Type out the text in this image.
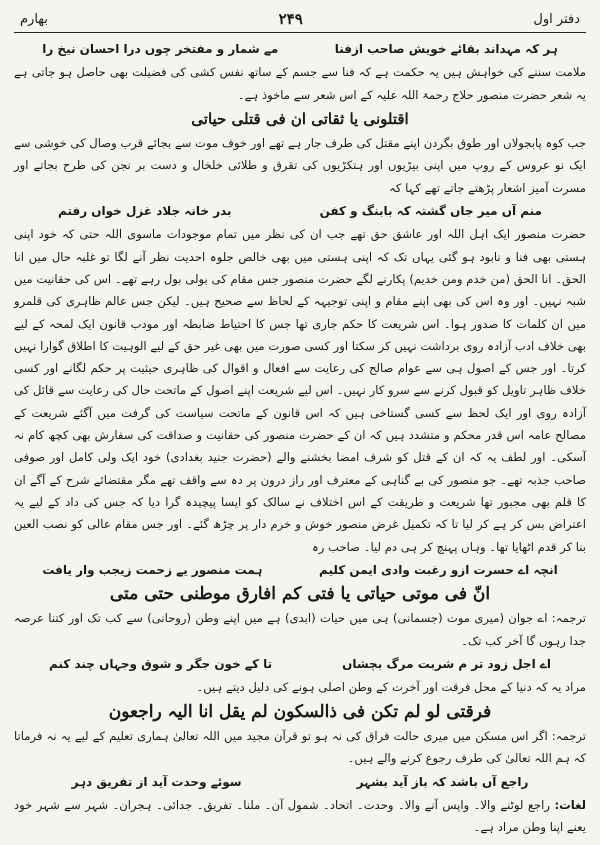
دفتر اول
۲۴۹
بھارم
ہر کہ مہداند بقائے خویش صاحب ازفنا
مے شمار و مفتخر چوں درا احسان نیخ را

ملامت سننے کی خواہش ہیں یہ حکمت ہے کہ فنا سے جسم کے ساتھ نفس کشی کی فضیلت بھی حاصل ہو جاتی ہے یہ شعر حضرت منصور حلاج رحمۃ اللہ علیہ کے اس شعر سے ماخوذ ہے۔

اقتلونی یا ثقاتی ان فی قتلی حیاتی

جب کوہ پابجولاں اور طوق بگردن اپنے مقتل کی طرف جار ہے تھے اور خوف موت سے بجائے قرب وصال کی خوشی سے ایک نو عروس کے روپ میں اپنی بیڑیوں اور ہتکڑیوں کی تقرق و طلائی خلخال و دست بر نجن کی طرح بجاتے اور مسرت آمیز اشعار پڑھتے جاتے تھے کہا کہ

منم آں میر جاں گشتہ کہ بابنگ و کفن
بدر خانہ جلاد غزل خواں رفتم

حضرت منصور ایک اہل اللہ اور عاشق حق تھے جب ان کی نظر میں تمام موجودات ماسوی اللہ حتی کہ خود اپنی ہستی بھی فنا و نابود ہو گئی یہاں تک کہ اپنی ہستی میں بھی خالص جلوہ احدیت نظر آنے لگا تو غلبہ حال میں انا الحق۔ انا الحق (من خدم ومن خدیم) پکارنے لگے حضرت منصور جس مقام کی بولی بول رہے تھے۔ اس کی حقانیت میں شبہ نہیں۔ اور وہ اس کی بھی اپنے مقام و اپنی توجیہہ کے لحاظ سے صحیح ہیں۔ لیکن جس عالم ظاہری کی قلمرو میں ان کلمات کا صدور ہوا۔ اس شریعت کا حکم جاری تھا جس کا احتیاط ضابطہ اور مودب قانون ایک لمحہ کے لیے بھی خلاف ادب آزادہ روی برداشت نہیں کر سکتا اور کسی صورت میں بھی غیر حق کے لیے الوہیت کا اطلاق گوارا نہیں کرتا۔ اور جس کے اصول ہی سے عوام صالح کی رعایت سے افعال و اقوال کی ظاہری حیثیت پر حکم لگانے اور کسی خلاف ظاہر تاویل کو قبول کرنے سے سرو کار نہیں۔ اس لیے شریعت اپنے اصول کے ماتحت حال کی رعایت سے قائل کی آزادہ روی اور ایک لحظ سے کسی گستاخی ہیں کہ اس قانون کے ماتحت سیاست کی گرفت میں آگئے شریعت کے مصالح عامہ اس قدر محکم و متشدد ہیں کہ ان کے حضرت منصور کی حقانیت و صداقت کی سفارش بھی کچھ کام نہ آسکی۔ اور لطف یہ کہ ان کے قتل کو شرف امضا بخشنے والے (حضرت جنید بغدادی) خود ایک ولی کامل اور صوفی صاحب جذبہ تھے۔ جو منصور کی بے گناہی کے معترف اور راز درون پر دہ سے واقف تھے مگر مقتضائے شرح کے آگے ان کا قلم بھی مجبور تھا شریعت و طریقت کے اس اختلاف نے سالک کو ایسا پیچیدہ گرا دیا کہ جس کی داد کے لیے یہ اعتراض بس کر ہے کر لیا تا کہ تکمیل غرض منصور خوش و خرم دار پر چڑھ گئے۔ اور جس مقام عالی کو نصب العین بنا کر قدم اٹھایا تھا۔ وہاں پہنچ کر ہی دم لیا۔ صاحب رہ

انچہ اے حسرت ازو رغبت وادی ایمن کلیم
ہمت منصور یے زحمت زیجب وار یافت
انّ فی موتی حیاتی یا فتی کم افارق موطنی حتی متی

ترجمہ: اے جوان (میری موت (جسمانی) ہی میں حیات (ابدی) ہے میں اپنے وطن (روحانی) سے کب تک اور کتنا عرصہ جدا رہوں گا آخر کب تک۔

اے اجل زود تر م شربت مرگ بچشاں
تا کے خون جگر و شوق وجہاں چند کنم

مراد یہ کہ دنیا کے محل فرقت اور آخرت کے وطن اصلی ہونے کی دلیل دیتے ہیں۔

فرقتی لو لم تکن فی ذالسکون لم یقل انا الیہ راجعون

ترجمہ: اگر اس مسکن میں میری حالت فراق کی نہ ہو تو قرآن مجید میں اللہ تعالیٰ ہماری تعلیم کے لیے یہ نہ فرماتا کہ ہم اللہ تعالیٰ کی طرف رجوع کرنے والے ہیں۔

راجع آں باشد کہ باز آید بشہر
سوئے وحدت آید از تفریق دہر

لغات: راجع لوٹنے والا۔ واپس آنے والا۔ وحدت۔ اتحاد۔ شمول آن۔ ملنا۔ تفریق۔ جدائی۔ ہجران۔ شہر سے شہر خود یعنے اپنا وطن مراد ہے۔
